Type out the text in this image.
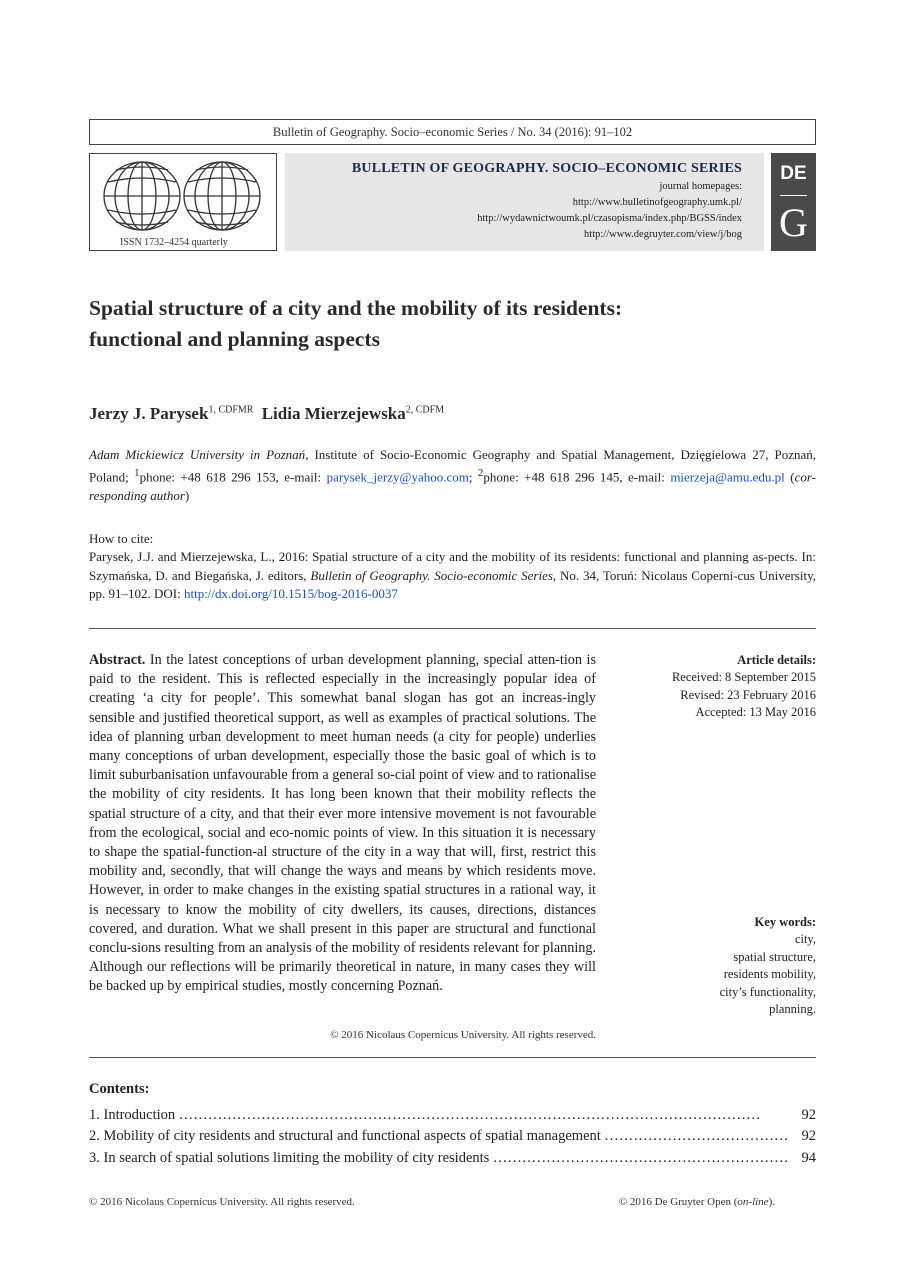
Bulletin of Geography. Socio–economic Series / No. 34 (2016): 91–102
ISSN 1732–4254 quarterly
BULLETIN OF GEOGRAPHY. SOCIO–ECONOMIC SERIES
journal homepages:
http://www.bulletinofgeography.umk.pl/
http://wydawnictwoumk.pl/czasopisma/index.php/BGSS/index
http://www.degruyter.com/view/j/bog
DE
G
Spatial structure of a city and the mobility of its residents:
functional and planning aspects
Jerzy J. Parysek$^{1, CDFMR}$ Lidia Mierzejewska$^{2, CDFM}$
Adam Mickiewicz University in Poznań, Institute of Socio-Economic Geography and Spatial Management, Dzięgielowa 27, Poznań, Poland; $^1$phone: +48 618 296 153, e-mail: parysek_jerzy@yahoo.com; $^2$phone: +48 618 296 145, e-mail: mierzeja@amu.edu.pl (cor-responding author)
How to cite:
Parysek, J.J. and Mierzejewska, L., 2016: Spatial structure of a city and the mobility of its residents: functional and planning as-pects. In: Szymańska, D. and Biegańska, J. editors, Bulletin of Geography. Socio-economic Series, No. 34, Toruń: Nicolaus Coperni-cus University, pp. 91–102. DOI: http://dx.doi.org/10.1515/bog-2016-0037
Abstract. In the latest conceptions of urban development planning, special atten-tion is paid to the resident. This is reflected especially in the increasingly popular idea of creating ‘a city for people’. This somewhat banal slogan has got an increas-ingly sensible and justified theoretical support, as well as examples of practical solutions. The idea of planning urban development to meet human needs (a city for people) underlies many conceptions of urban development, especially those the basic goal of which is to limit suburbanisation unfavourable from a general so-cial point of view and to rationalise the mobility of city residents. It has long been known that their mobility reflects the spatial structure of a city, and that their ever more intensive movement is not favourable from the ecological, social and eco-nomic points of view. In this situation it is necessary to shape the spatial-function-al structure of the city in a way that will, first, restrict this mobility and, secondly, that will change the ways and means by which residents move. However, in order to make changes in the existing spatial structures in a rational way, it is necessary to know the mobility of city dwellers, its causes, directions, distances covered, and duration. What we shall present in this paper are structural and functional conclu-sions resulting from an analysis of the mobility of residents relevant for planning. Although our reflections will be primarily theoretical in nature, in many cases they will be backed up by empirical studies, mostly concerning Poznań.
© 2016 Nicolaus Copernicus University. All rights reserved.
Article details:
Received: 8 September 2015
Revised: 23 February 2016
Accepted: 13 May 2016
Key words:
city,
spatial structure,
residents mobility,
city’s functionality,
planning.
Contents:
1. Introduction . . .	92
2. Mobility of city residents and structural and functional aspects of spatial management . . .	92
3. In search of spatial solutions limiting the mobility of city residents . . .	94
© 2016 Nicolaus Copernicus University. All rights reserved.	© 2016 De Gruyter Open (on-line).
